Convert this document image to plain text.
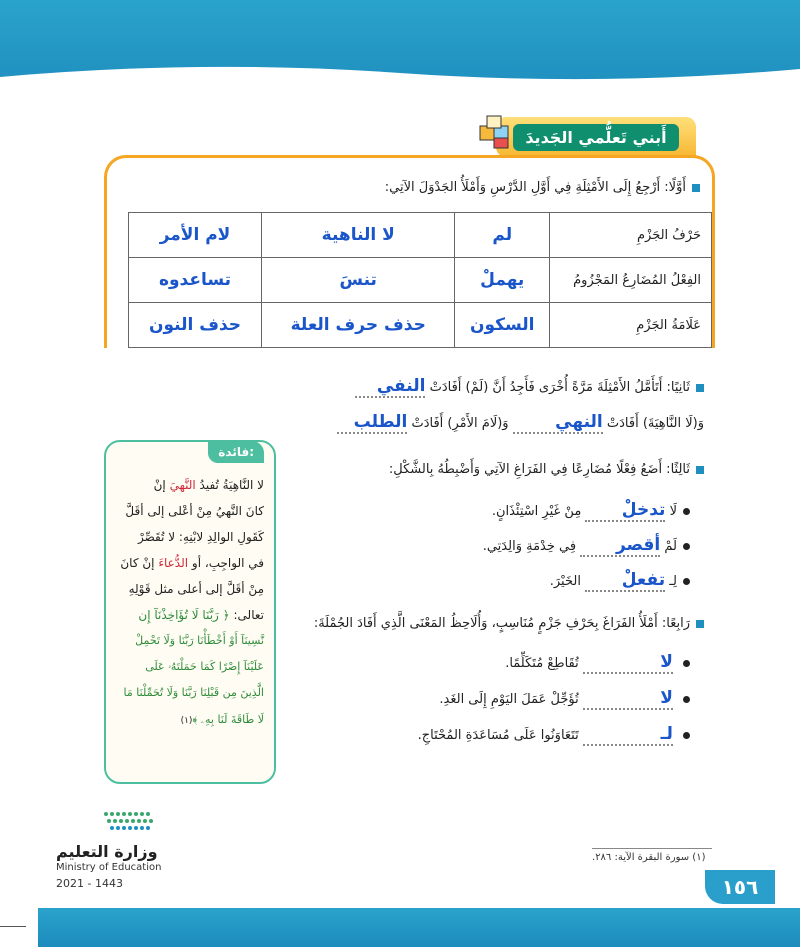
أَبني تَعلُّمي الجَديدَ
أَوَّلًا: أَرْجِعُ إِلَى الأَمْثِلَةِ فِي أَوَّلِ الدَّرْسِ وَأَمْلَأُ الجَدْوَلَ الآتِي:
حَرْفُ الجَزْمِ	لم	لا الناهية	لام الأمر
الفِعْلُ المُضَارِعُ المَجْزُومُ	يهملْ	تنسَ	تساعدوه
عَلَامَةُ الجَزْمِ	السكون	حذف حرف العلة	حذف النون
ثَانِيًا: أَتَأَمَّلُ الأَمْثِلَةَ مَرَّةً أُخْرَى فَأَجِدُ أَنَّ (لَمْ) أَفَادَتْ النفي
وَ(لَا النَّاهِيَةَ) أَفَادَتْ النهي وَ(لَامَ الأَمْرِ) أَفَادَتْ الطلب
ثَالِثًا: أَضَعُ فِعْلًا مُضَارِعًا فِي الفَرَاغِ الآتِي وَأَضْبِطُهُ بِالشَّكْلِ:
لَا تدخلْ مِنْ غَيْرِ اسْتِئْذَانٍ.
لَمْ أقصر فِي خِدْمَةِ وَالِدَتِي.
لِـ تفعلْ الخَيْرَ.
رَابِعًا: أَمْلَأُ الفَرَاغَ بِحَرْفِ جَزْمٍ مُنَاسِبٍ، وَأُلَاحِظُ المَعْنَى الَّذِي أَفَادَ الجُمْلَةَ:
لا تُقَاطِعْ مُتَكَلِّمًا.
لا تُؤَجِّلْ عَمَلَ اليَوْمِ إِلَى الغَدِ.
لـ تَتَعَاوَنُوا عَلَى مُسَاعَدَةِ المُحْتَاجِ.
فائدة:
لا النَّاهِيَةُ تُفيدُ النَّهيَ إنْ
كانَ النَّهيُ مِنْ أعْلى إلى أقَلَّ
كَقَولِ الوالِدِ لابْنِهِ: لا تُقَصِّرْ
في الواجِبِ، أو الدُّعاءَ إنْ كانَ
مِنْ أقَلَّ إلى أعلى مثل قَوْلِهِ
تعالى: ﴿ رَبَّنَا لَا تُؤَاخِذْنَآ إِن
نَّسِينَآ أَوْ أَخْطَأْنَا رَبَّنَا وَلَا تَحْمِلْ
عَلَيْنَآ إِصْرًا كَمَا حَمَلْتَهُۥ عَلَى
الَّذِينَ مِن قَبْلِنَا رَبَّنَا وَلَا تُحَمِّلْنَا مَا
لَا طَاقَةَ لَنَا بِهِۦ ﴾(١)
وزارة التعليم
Ministry of Education
2021 - 1443
(١) سورة البقرة الآية: ٢٨٦.
١٥٦
